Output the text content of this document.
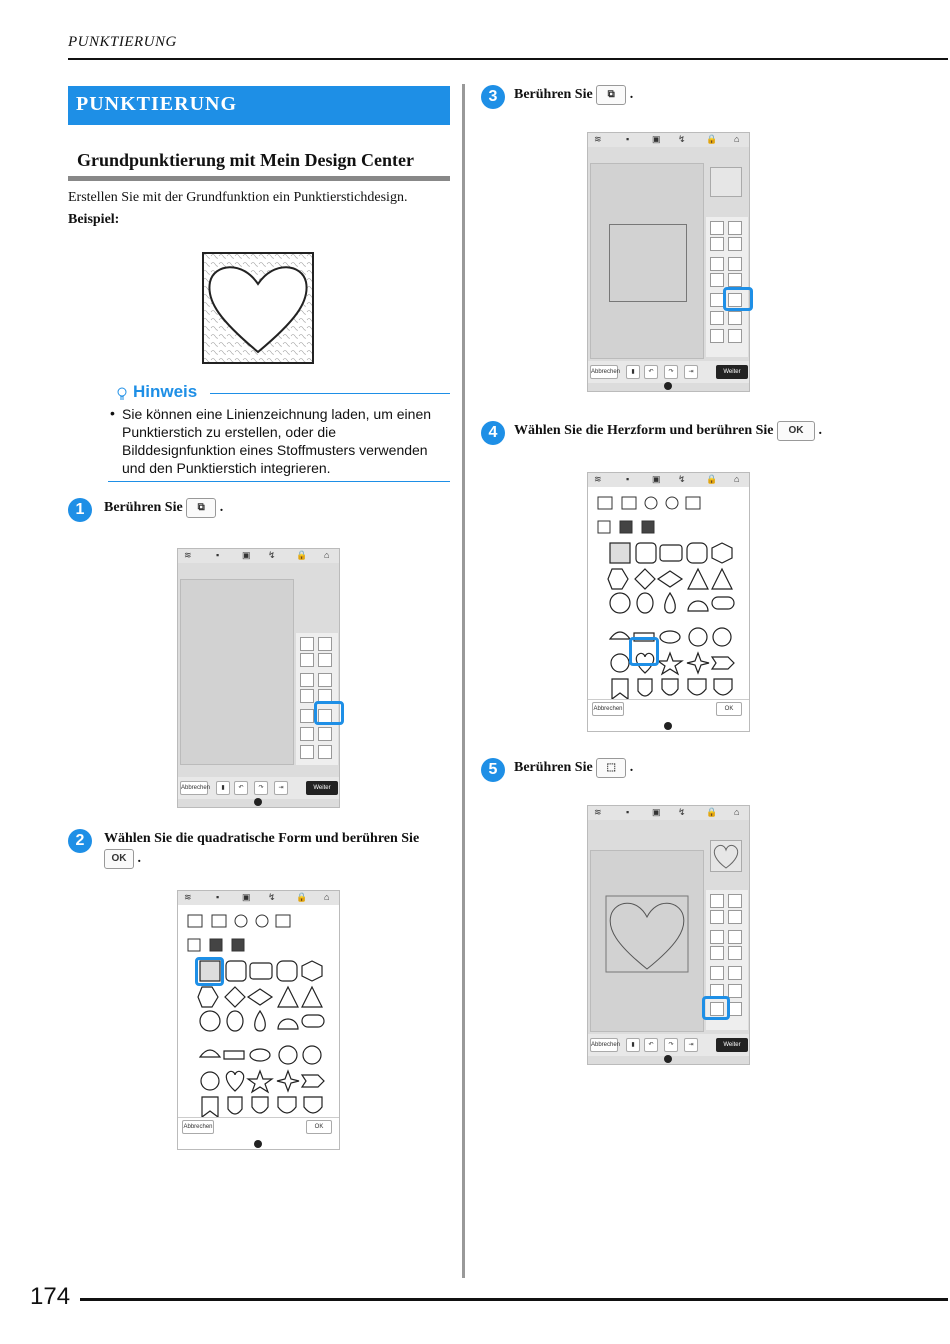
PUNKTIERUNG
PUNKTIERUNG
Grundpunktierung mit Mein Design Center
Erstellen Sie mit der Grundfunktion ein Punktierstichdesign.
Beispiel:
Hinweis
• Sie können eine Linienzeichnung laden, um einen Punktierstich zu erstellen, oder die Bilddesignfunktion eines Stoffmusters verwenden und den Punktierstich integrieren.
1	Berühren Sie ⧉ .
≋	▪	▣ ↯ 🔒 ⌂
Abbrechen	▮	↶	↷	⇥	Weiter
2	Wählen Sie die quadratische Form und berühren Sie
OK .
≋	▪	▣ ↯ 🔒 ⌂
Abbrechen	OK
3	Berühren Sie ⧉ .
≋	▪	▣ ↯ 🔒 ⌂
Abbrechen	▮	↶	↷	⇥	Weiter
4	Wählen Sie die Herzform und berühren Sie OK .
≋	▪	▣ ↯ 🔒 ⌂
Abbrechen	OK
5	Berühren Sie ⬚ .
≋	▪	▣ ↯ 🔒 ⌂
Abbrechen	▮	↶	↷	⇥	Weiter
174
